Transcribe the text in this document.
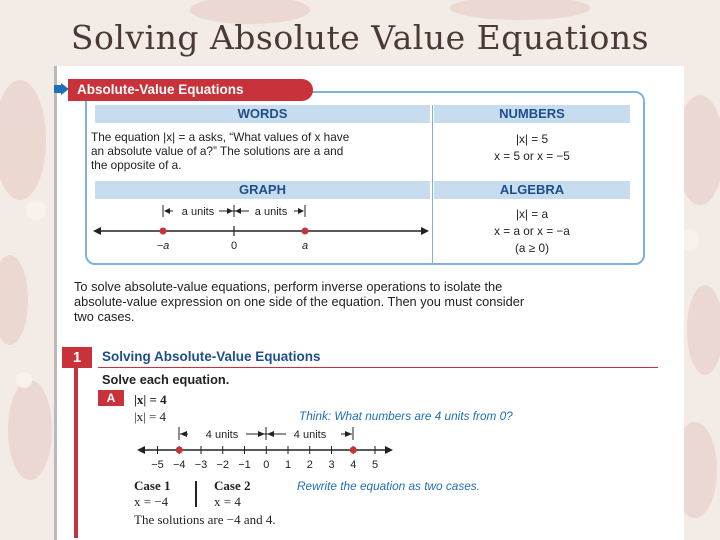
Solving Absolute Value Equations
WORDS	NUMBERS
The equation |x| = a asks, “What values of x have
an absolute value of a?” The solutions are a and
the opposite of a.
|x| = 5
x = 5 or x = −5
GRAPH	ALGEBRA
a units	a units
−a	0	a
|x| = a
x = a or x = −a
(a ≥ 0)
Absolute-Value Equations
To solve absolute-value equations, perform inverse operations to isolate the
absolute-value expression on one side of the equation. Then you must consider
two cases.
1	Solving Absolute-Value Equations
Solve each equation.
A	|x| = 4
|x| = 4	Think: What numbers are 4 units from 0?
−5 −4 −3 −2 −1 0 1 2 3 4 5
4 units	4 units
Case 1
x = −4
Case 2
x = 4
Rewrite the equation as two cases.
The solutions are −4 and 4.
